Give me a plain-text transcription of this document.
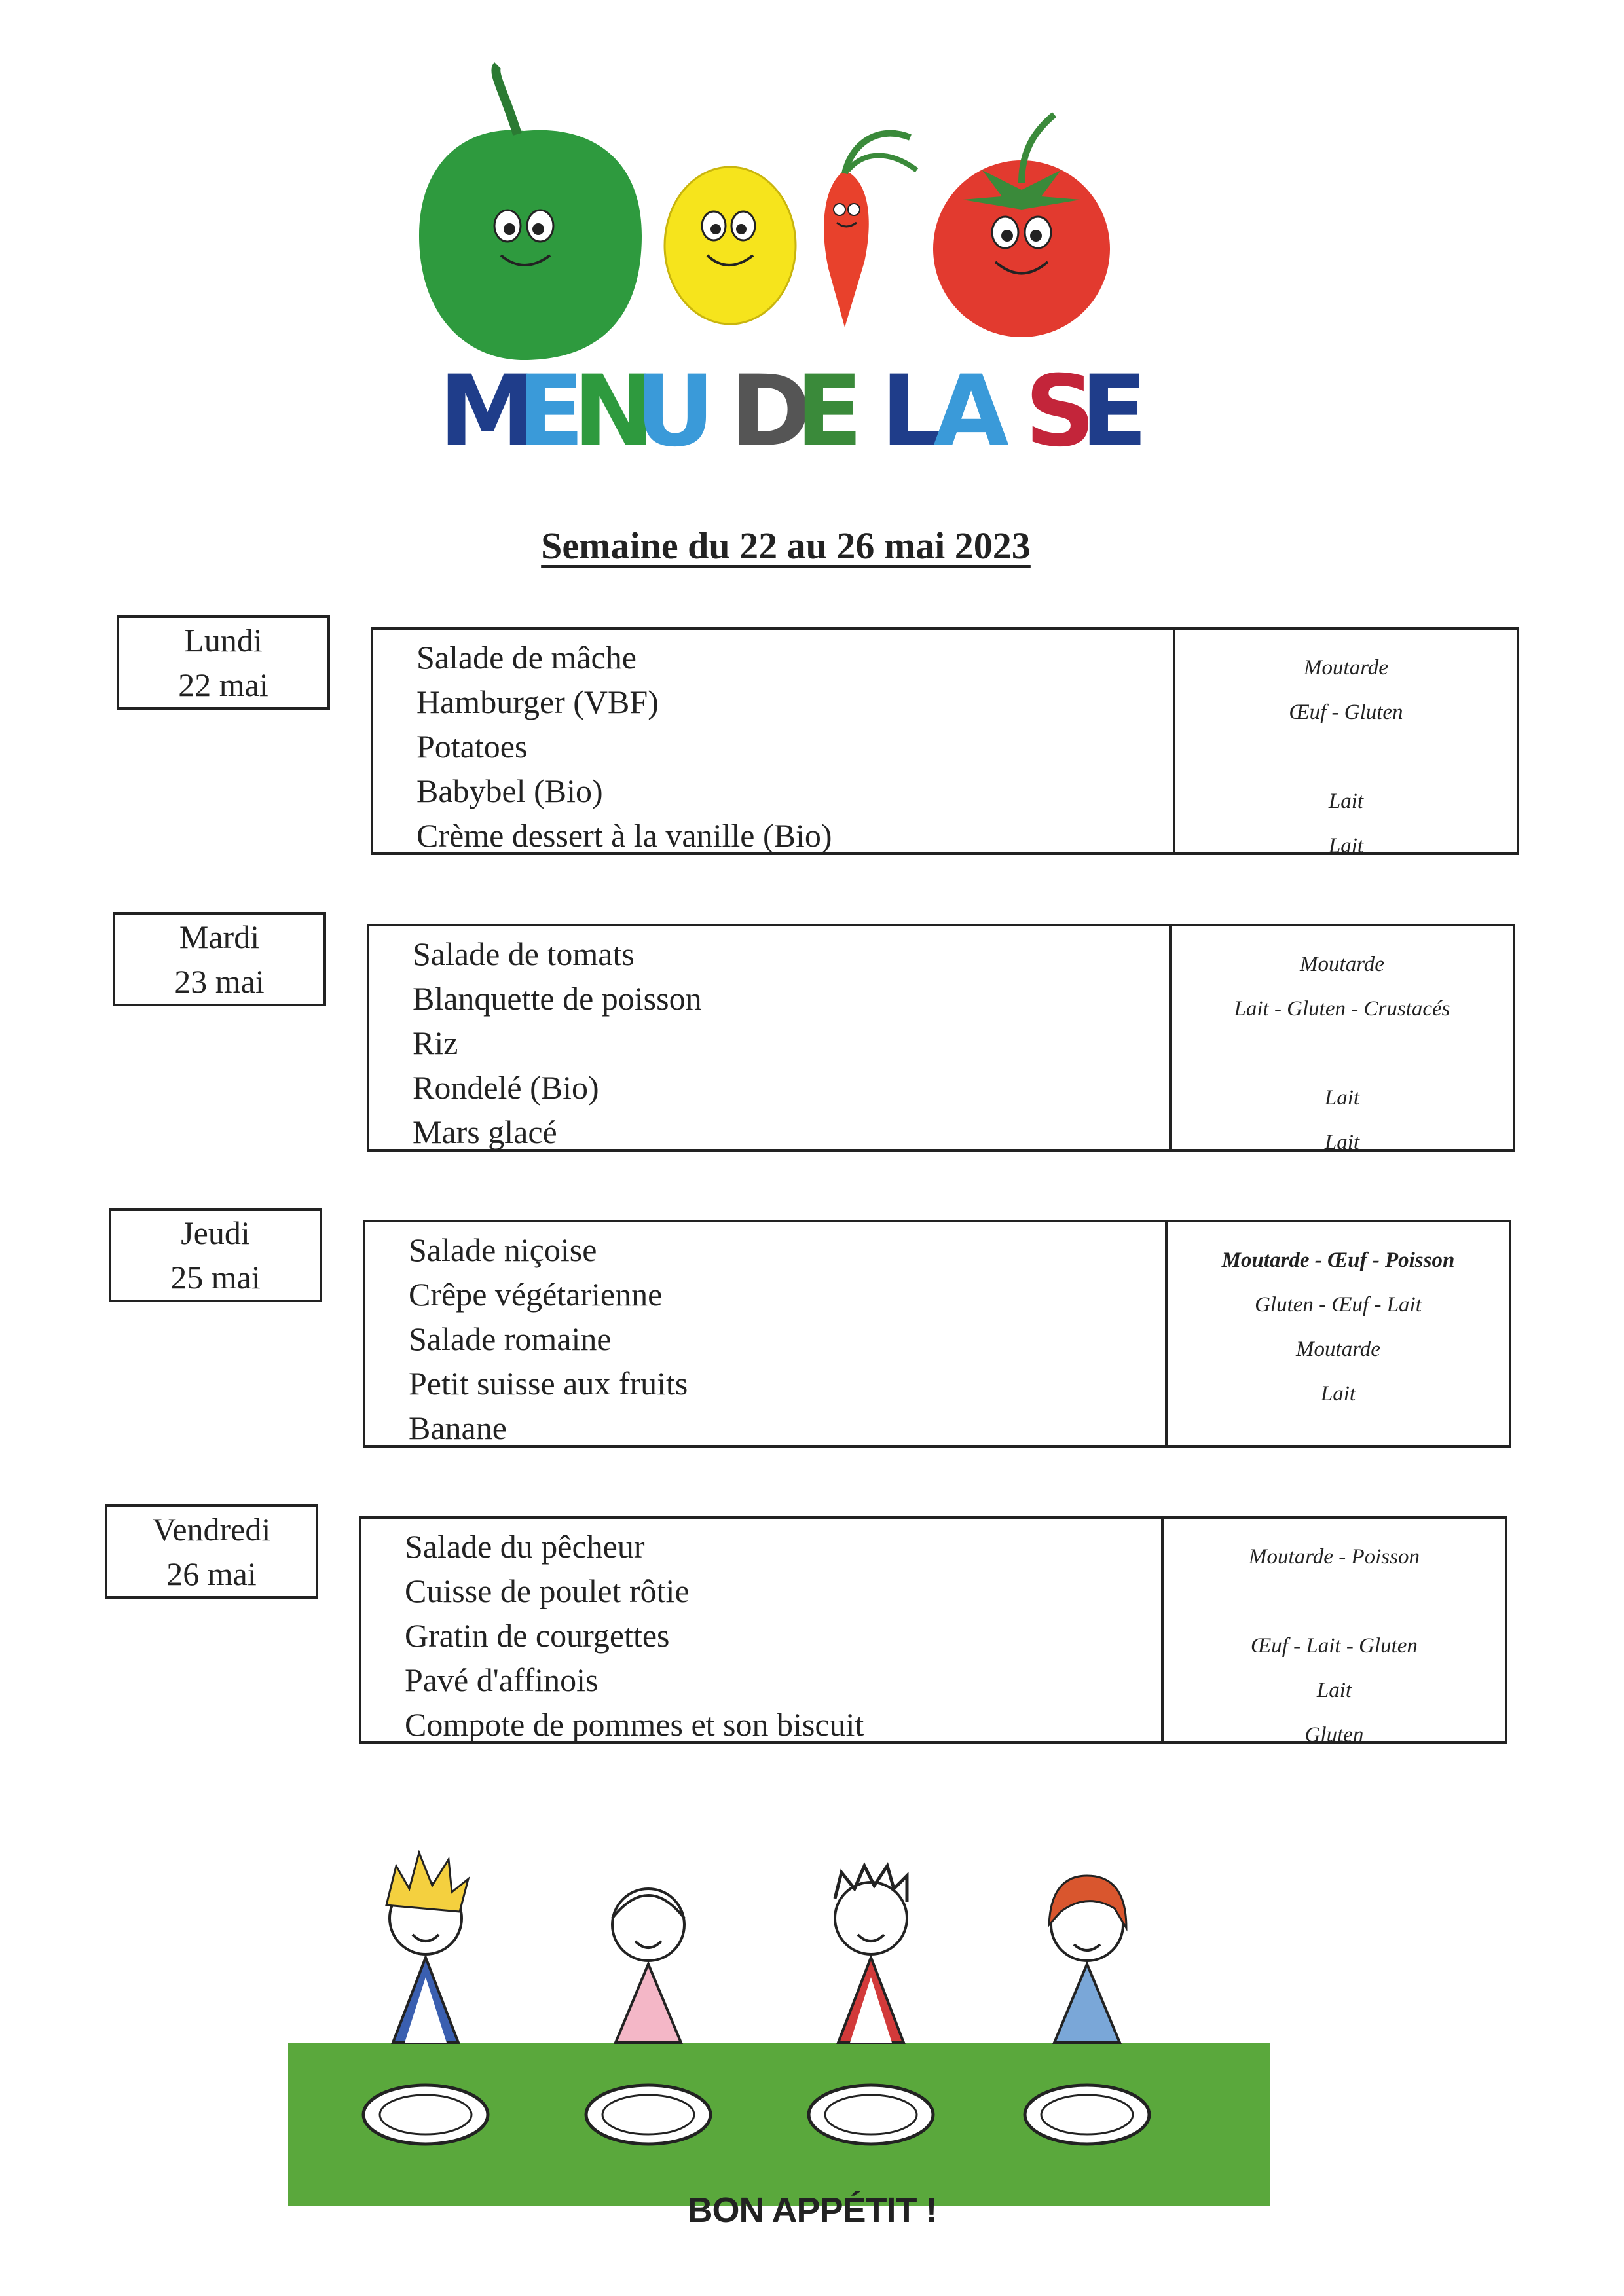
M
E
N
U D
E L
A S
E
Semaine du 22 au 26 mai 2023
Lundi
22 mai
Salade de mâche
Hamburger (VBF)
Potatoes
Babybel (Bio)
Crème dessert à la vanille (Bio)
Moutarde
Œuf - Gluten
Lait
Lait
Mardi
23 mai
Salade de tomats
Blanquette de poisson
Riz
Rondelé (Bio)
Mars glacé
Moutarde
Lait - Gluten - Crustacés
Lait
Lait
Jeudi
25 mai
Salade niçoise
Crêpe végétarienne
Salade romaine
Petit suisse aux fruits
Banane
Moutarde - Œuf - Poisson
Gluten - Œuf - Lait
Moutarde
Lait
Vendredi
26 mai
Salade du pêcheur
Cuisse de poulet rôtie
Gratin de courgettes
Pavé d'affinois
Compote de pommes et son biscuit
Moutarde - Poisson
Œuf - Lait - Gluten
Lait
Gluten
BON APPÉTIT !
